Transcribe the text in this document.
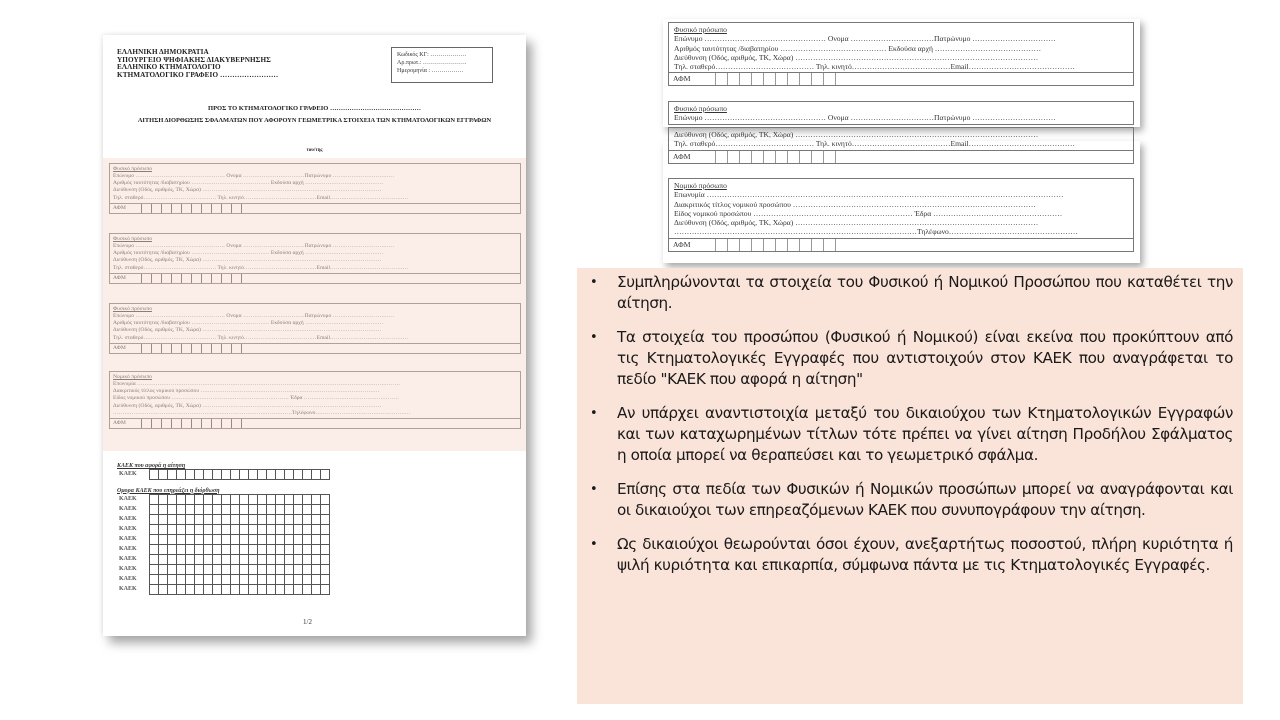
ΕΛΛΗΝΙΚΗ ΔΗΜΟΚΡΑΤΙΑ
ΥΠΟΥΡΓΕΙΟ ΨΗΦΙΑΚΗΣ ΔΙΑΚΥΒΕΡΝΗΣΗΣ
ΕΛΛΗΝΙΚΟ ΚΤΗΜΑΤΟΛΟΓΙΟ
ΚΤΗΜΑΤΟΛΟΓΙΚΟ ΓΡΑΦΕΙΟ ……………………
Κωδικός ΚΓ: ………………
Αρ.πρωτ.: ………………….
Ημερομηνία : …………….
ΠΡΟΣ ΤΟ ΚΤΗΜΑΤΟΛΟΓΙΚΟ ΓΡΑΦΕΙΟ ……………………………………
ΑΙΤΗΣΗ ΔΙΟΡΘΩΣΗΣ ΣΦΑΛΜΑΤΩΝ ΠΟΥ ΑΦΟΡΟΥΝ ΓΕΩΜΕΤΡΙΚΑ ΣΤΟΙΧΕΙΑ ΤΩΝ ΚΤΗΜΑΤΟΛΟΓΙΚΩΝ ΕΓΓΡΑΦΩΝ
του/της
Φυσικό πρόσωπο
Επώνυμο ………………………………………… Ονομα ……………………………Πατρώνυμο ……………………………
Αριθμός ταυτότητας /διαβατηρίου …………………………………… Εκδούσα αρχή ……………………………………
Διεύθυνση (Οδός, αριθμός, ΤΚ, Χώρα) ……………………………………………………………………………………
Τηλ. σταθερό………………………………… Τηλ. κινητό…………………………………Email……………………………………
ΑΦΜ
Φυσικό πρόσωπο
Επώνυμο ………………………………………… Ονομα ……………………………Πατρώνυμο ……………………………
Αριθμός ταυτότητας /διαβατηρίου …………………………………… Εκδούσα αρχή ……………………………………
Διεύθυνση (Οδός, αριθμός, ΤΚ, Χώρα) ……………………………………………………………………………………
Τηλ. σταθερό………………………………… Τηλ. κινητό…………………………………Email……………………………………
ΑΦΜ
Φυσικό πρόσωπο
Επώνυμο ………………………………………… Ονομα ……………………………Πατρώνυμο ……………………………
Αριθμός ταυτότητας /διαβατηρίου …………………………………… Εκδούσα αρχή ……………………………………
Διεύθυνση (Οδός, αριθμός, ΤΚ, Χώρα) ……………………………………………………………………………………
Τηλ. σταθερό………………………………… Τηλ. κινητό…………………………………Email……………………………………
ΑΦΜ
Νομικό πρόσωπο
Επωνυμία ……………………………………………………………………………………………………………………………
Διακριτικός τίτλος νομικού προσώπου ……………………………………………………………………………………
Είδος νομικού προσώπου ……………………………………………………… Έδρα ……………………………………………
Διεύθυνση (Οδός, αριθμός, ΤΚ, Χώρα) ……………………………………………………………………………………
……………………………………………………………………………………Τηλέφωνο……………………………………………
ΑΦΜ
ΚΑΕΚ που αφορά η αίτηση
ΚΑΕΚ
Ομορα ΚΑΕΚ που επηρεάζει η διόρθωση
ΚΑΕΚ
ΚΑΕΚ
ΚΑΕΚ
ΚΑΕΚ
ΚΑΕΚ
ΚΑΕΚ
ΚΑΕΚ
ΚΑΕΚ
ΚΑΕΚ
ΚΑΕΚ
1/2
Φυσικό πρόσωπο
Επώνυμο ………………………………………… Ονομα ……………………………Πατρώνυμο ……………………………
Αριθμός ταυτότητας /διαβατηρίου …………………………………… Εκδούσα αρχή ……………………………………
Διεύθυνση (Οδός, αριθμός, ΤΚ, Χώρα) ……………………………………………………………………………………
Τηλ. σταθερό………………………………… Τηλ. κινητό…………………………………Email……………………………………
ΑΦΜ
Φυσικό πρόσωπο
Επώνυμο ………………………………………… Ονομα ……………………………Πατρώνυμο ……………………………
Διεύθυνση (Οδός, αριθμός, ΤΚ, Χώρα) ……………………………………………………………………………………
Τηλ. σταθερό………………………………… Τηλ. κινητό…………………………………Email……………………………………
ΑΦΜ
Νομικό πρόσωπο
Επωνυμία ……………………………………………………………………………………………………………………………
Διακριτικός τίτλος νομικού προσώπου ……………………………………………………………………………………
Είδος νομικού προσώπου ……………………………………………………… Έδρα ……………………………………………
Διεύθυνση (Οδός, αριθμός, ΤΚ, Χώρα) ……………………………………………………………………………………
……………………………………………………………………………………Τηλέφωνο……………………………………………
ΑΦΜ
• Συμπληρώνονται τα στοιχεία του Φυσικού ή Νομικού Προσώπου που καταθέτει την αίτηση.
• Τα στοιχεία του προσώπου (Φυσικού ή Νομικού) είναι εκείνα που προκύπτουν από τις Κτηματολογικές Εγγραφές που αντιστοιχούν στον ΚΑΕΚ που αναγράφεται το πεδίο "ΚΑΕΚ που αφορά η αίτηση"
• Αν υπάρχει αναντιστοιχία μεταξύ του δικαιούχου των Κτηματολογικών Εγγραφών και των καταχωρημένων τίτλων τότε πρέπει να γίνει αίτηση Προδήλου Σφάλματος η οποία μπορεί να θεραπεύσει και το γεωμετρικό σφάλμα.
• Επίσης στα πεδία των Φυσικών ή Νομικών προσώπων μπορεί να αναγράφονται και οι δικαιούχοι των επηρεαζόμενων ΚΑΕΚ που συνυπογράφουν την αίτηση.
• Ως δικαιούχοι θεωρούνται όσοι έχουν, ανεξαρτήτως ποσοστού, πλήρη κυριότητα ή ψιλή κυριότητα και επικαρπία, σύμφωνα πάντα με τις Κτηματολογικές Εγγραφές.
